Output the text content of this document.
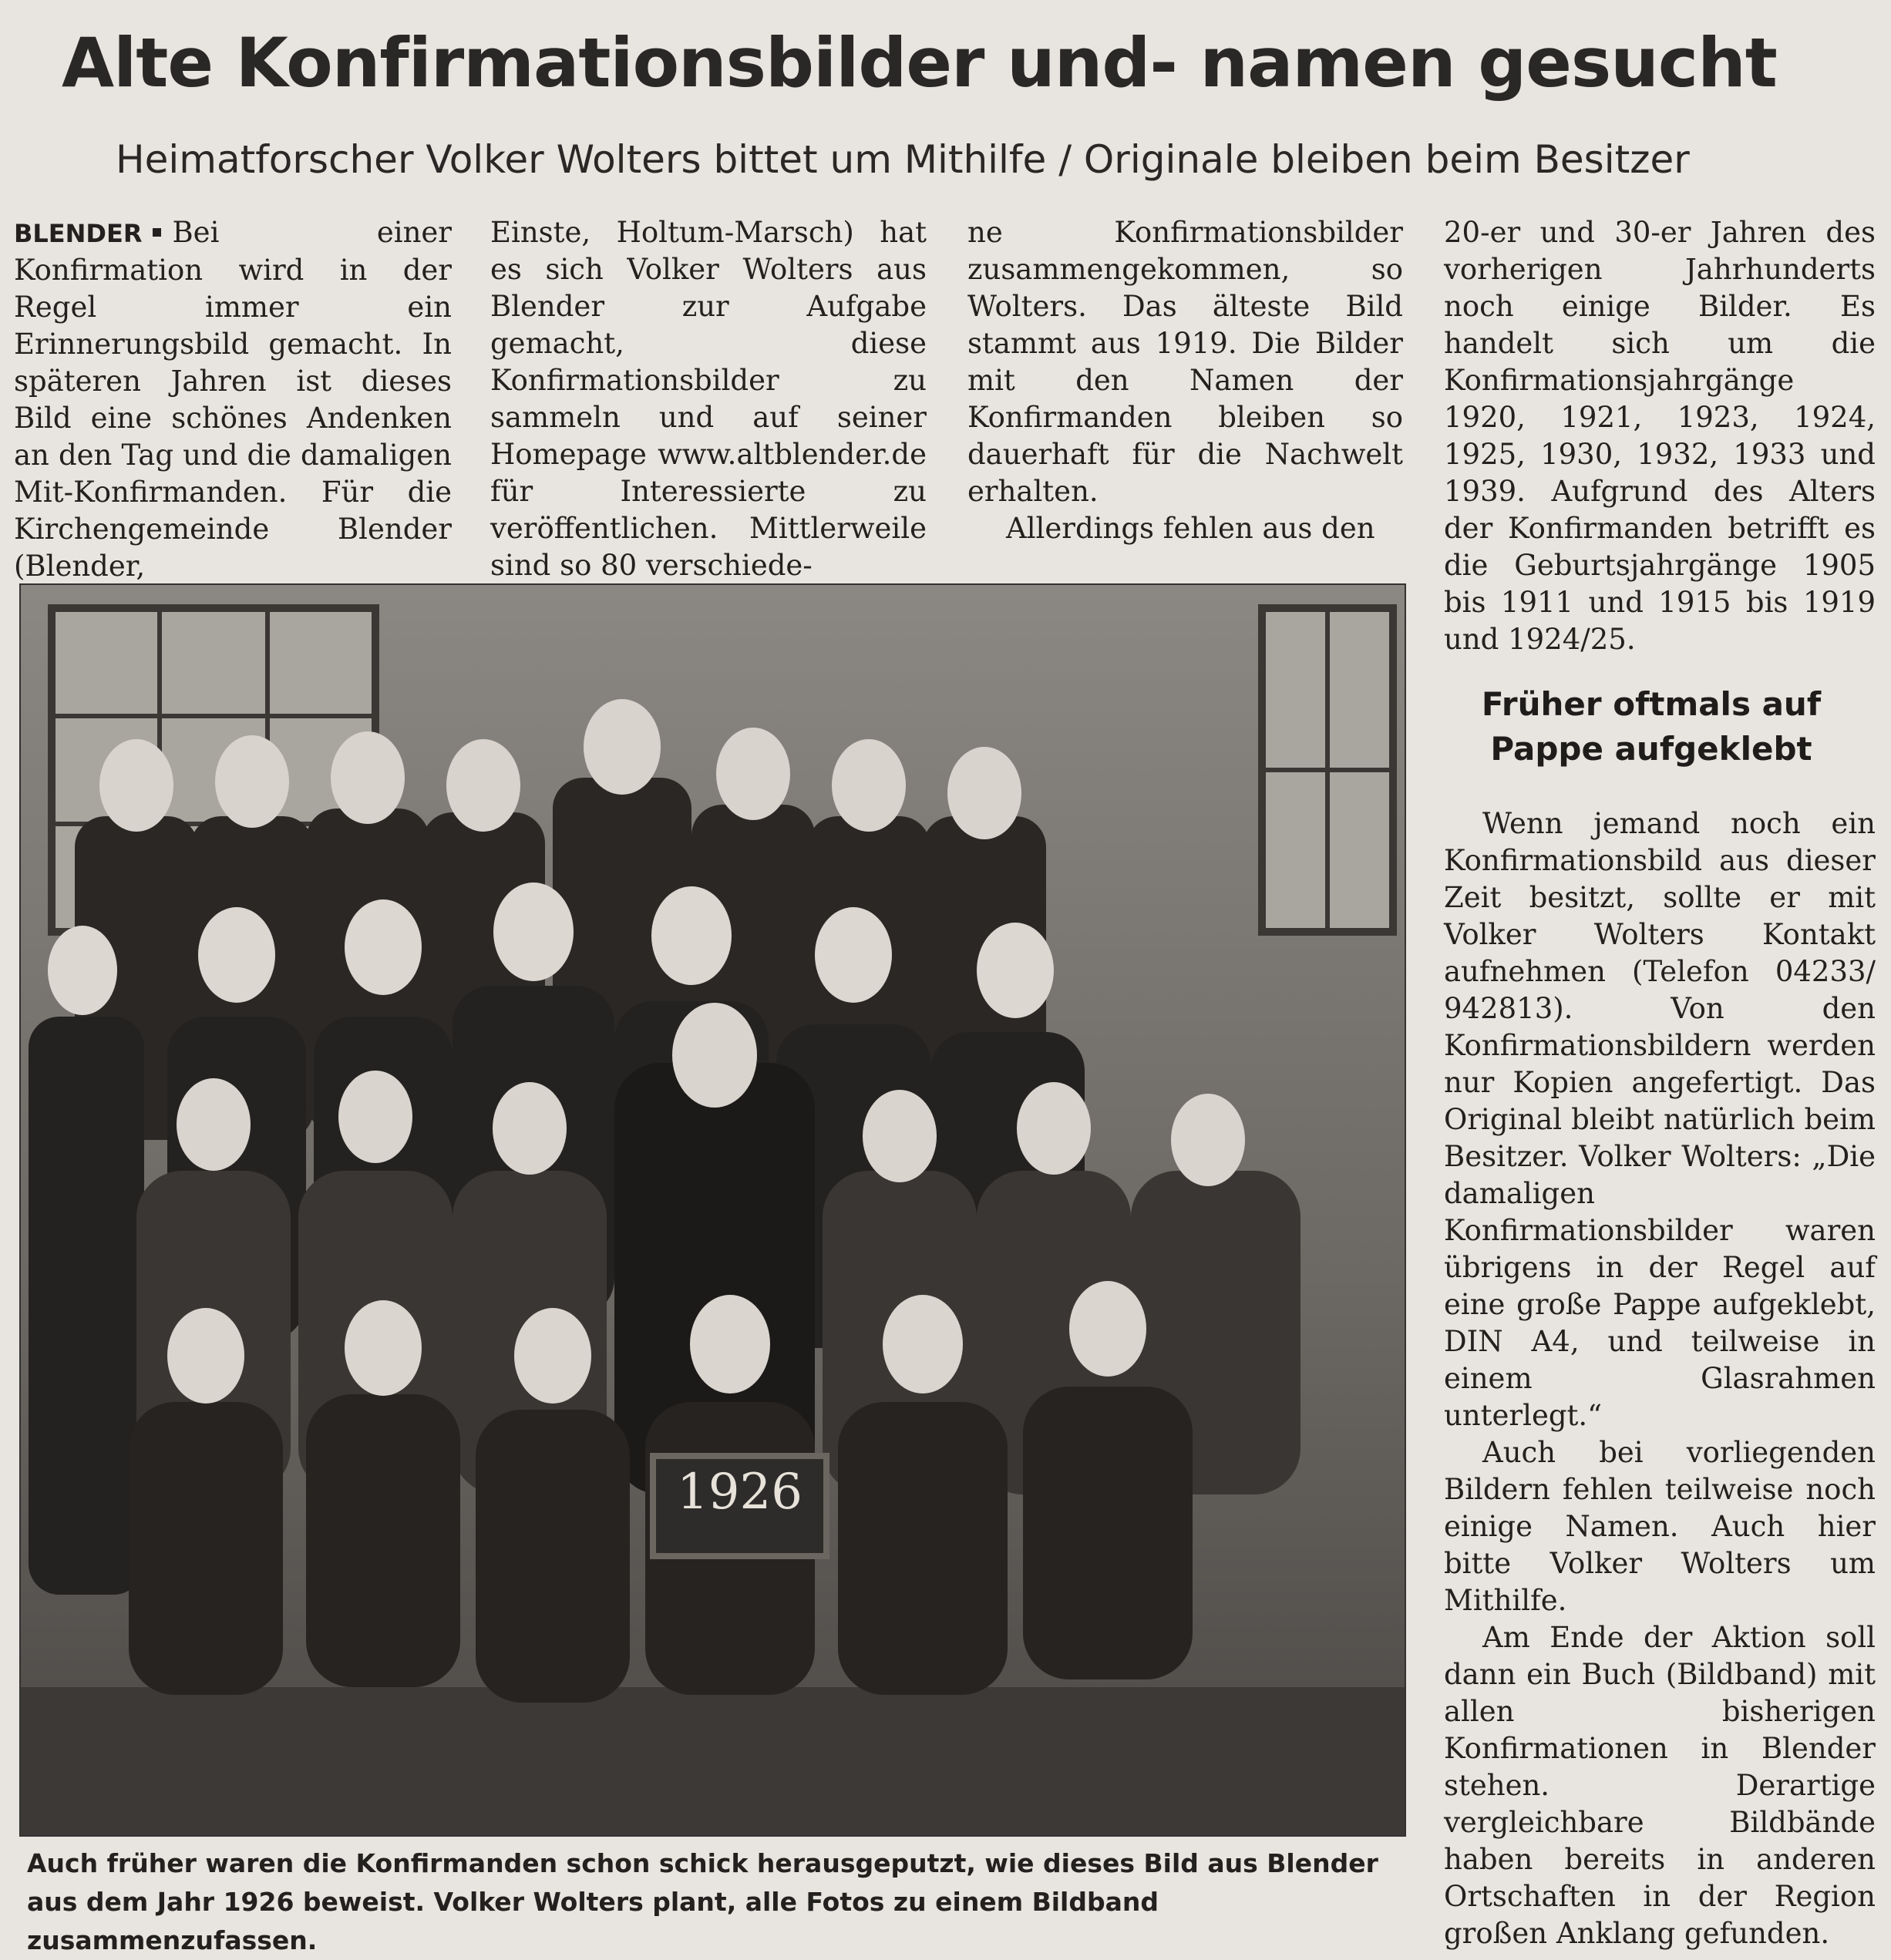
Alte Konfirmationsbilder und- namen gesucht
Heimatforscher Volker Wolters bittet um Mithilfe / Originale bleiben beim Besitzer

BLENDER Bei einer Konfirmation wird in der Regel immer ein Erinnerungsbild gemacht. In späteren Jahren ist dieses Bild eine schönes Andenken an den Tag und die damaligen Mit-Konfirmanden. Für die Kirchengemeinde Blender (Blender,

Einste, Holtum-Marsch) hat es sich Volker Wolters aus Blender zur Aufgabe gemacht, diese Konfirmationsbilder zu sammeln und auf seiner Homepage www.altblender.de für Interessierte zu veröffentlichen. Mittlerweile sind so 80 verschiede-

ne Konfirmationsbilder zusammengekommen, so Wolters. Das älteste Bild stammt aus 1919. Die Bilder mit den Namen der Konfirmanden bleiben so dauerhaft für die Nachwelt erhalten.

Allerdings fehlen aus den

20-er und 30-er Jahren des vorherigen Jahrhunderts noch einige Bilder. Es handelt sich um die Konfirmationsjahrgänge 1920, 1921, 1923, 1924, 1925, 1930, 1932, 1933 und 1939. Aufgrund des Alters der Konfirmanden betrifft es die Geburtsjahrgänge 1905 bis 1911 und 1915 bis 1919 und 1924/25.

Früher oftmals auf Pappe aufgeklebt

Wenn jemand noch ein Konfirmationsbild aus dieser Zeit besitzt, sollte er mit Volker Wolters Kontakt aufnehmen (Telefon 04233/ 942813). Von den Konfirmationsbildern werden nur Kopien angefertigt. Das Original bleibt natürlich beim Besitzer. Volker Wolters: „Die damaligen Konfirmationsbilder waren übrigens in der Regel auf eine große Pappe aufgeklebt, DIN A4, und teilweise in einem Glasrahmen unterlegt.“

Auch bei vorliegenden Bildern fehlen teilweise noch einige Namen. Auch hier bitte Volker Wolters um Mithilfe.

Am Ende der Aktion soll dann ein Buch (Bildband) mit allen bisherigen Konfirmationen in Blender stehen. Derartige vergleichbare Bildbände haben bereits in anderen Ortschaften in der Region großen Anklang gefunden.

1926
Auch früher waren die Konfirmanden schon schick herausgeputzt, wie dieses Bild aus Blender aus dem Jahr 1926 beweist. Volker Wolters plant, alle Fotos zu einem Bildband zusammenzufassen.
